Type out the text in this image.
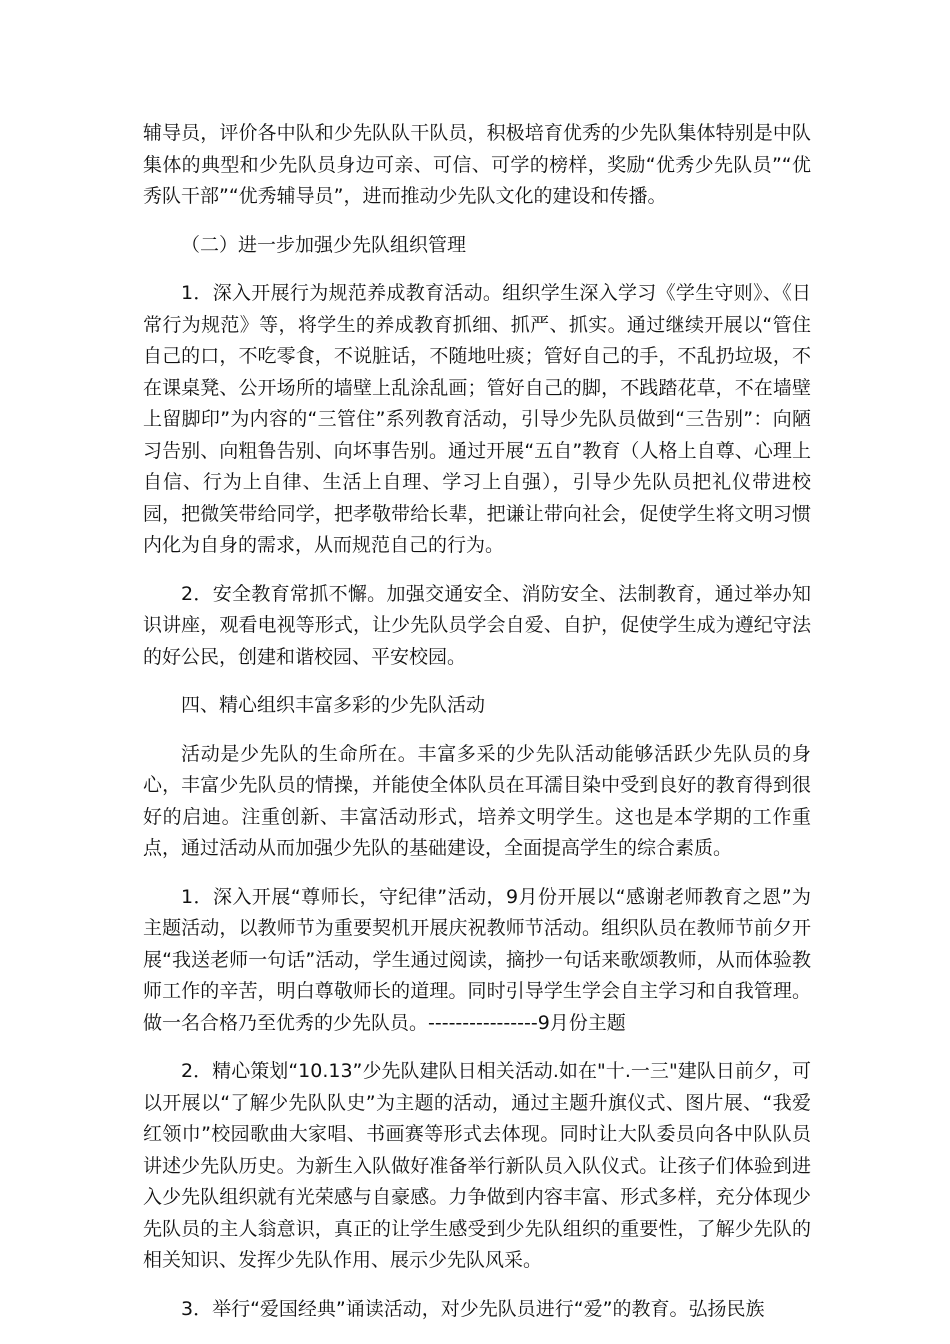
辅导员，评价各中队和少先队队干队员，积极培育优秀的少先队集体特别是中队集体的典型和少先队员身边可亲、可信、可学的榜样，奖励“优秀少先队员”“优秀队干部”“优秀辅导员”，进而推动少先队文化的建设和传播。

（二）进一步加强少先队组织管理

1．深入开展行为规范养成教育活动。组织学生深入学习《学生守则》、《日常行为规范》等，将学生的养成教育抓细、抓严、抓实。通过继续开展以“管住自己的口，不吃零食，不说脏话，不随地吐痰；管好自己的手，不乱扔垃圾，不在课桌凳、公开场所的墙壁上乱涂乱画；管好自己的脚，不践踏花草，不在墙壁上留脚印”为内容的“三管住”系列教育活动，引导少先队员做到“三告别”：向陋习告别、向粗鲁告别、向坏事告别。通过开展“五自”教育（人格上自尊、心理上自信、行为上自律、生活上自理、学习上自强），引导少先队员把礼仪带进校园，把微笑带给同学，把孝敬带给长辈，把谦让带向社会，促使学生将文明习惯内化为自身的需求，从而规范自己的行为。

2．安全教育常抓不懈。加强交通安全、消防安全、法制教育，通过举办知识讲座，观看电视等形式，让少先队员学会自爱、自护，促使学生成为遵纪守法的好公民，创建和谐校园、平安校园。

四、精心组织丰富多彩的少先队活动

活动是少先队的生命所在。丰富多采的少先队活动能够活跃少先队员的身心，丰富少先队员的情操，并能使全体队员在耳濡目染中受到良好的教育得到很好的启迪。注重创新、丰富活动形式，培养文明学生。这也是本学期的工作重点，通过活动从而加强少先队的基础建设，全面提高学生的综合素质。

1．深入开展“尊师长，守纪律”活动，9月份开展以“感谢老师教育之恩”为主题活动，以教师节为重要契机开展庆祝教师节活动。组织队员在教师节前夕开展“我送老师一句话”活动，学生通过阅读，摘抄一句话来歌颂教师，从而体验教师工作的辛苦，明白尊敬师长的道理。同时引导学生学会自主学习和自我管理。做一名合格乃至优秀的少先队员。----------------9月份主题

2．精心策划“10.13”少先队建队日相关活动.如在"十.一三"建队日前夕，可以开展以“了解少先队队史”为主题的活动，通过主题升旗仪式、图片展、“我爱红领巾”校园歌曲大家唱、书画赛等形式去体现。同时让大队委员向各中队队员讲述少先队历史。为新生入队做好准备举行新队员入队仪式。让孩子们体验到进入少先队组织就有光荣感与自豪感。力争做到内容丰富、形式多样，充分体现少先队员的主人翁意识，真正的让学生感受到少先队组织的重要性，了解少先队的相关知识、发挥少先队作用、展示少先队风采。

3．举行“爱国经典”诵读活动，对少先队员进行“爱”的教育。弘扬民族
